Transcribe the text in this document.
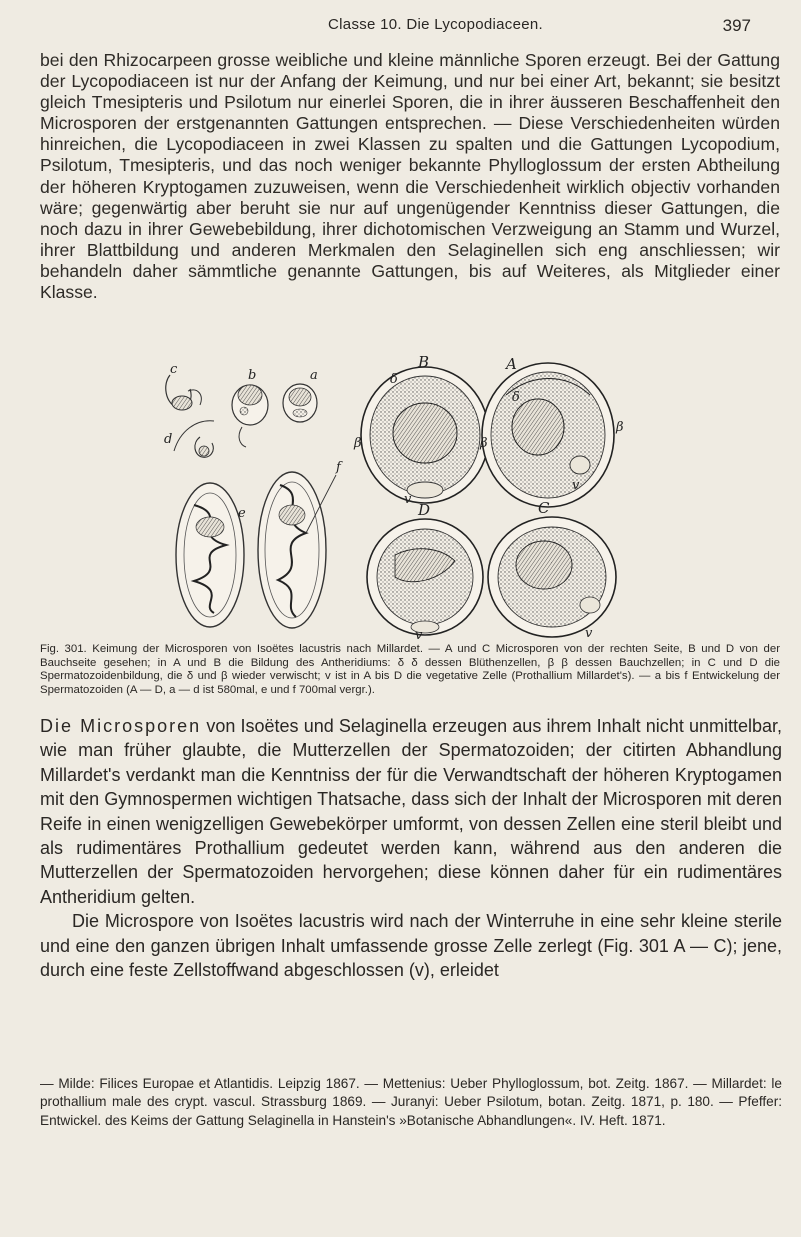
Classe 10. Die Lycopodiaceen.	397
bei den Rhizocarpeen grosse weibliche und kleine männliche Sporen erzeugt. Bei der Gattung der Lycopodiaceen ist nur der Anfang der Keimung, und nur bei einer Art, bekannt; sie besitzt gleich Tmesipteris und Psilotum nur einerlei Sporen, die in ihrer äusseren Beschaffenheit den Microsporen der erstgenannten Gattungen entsprechen. — Diese Verschiedenheiten würden hinreichen, die Lycopodiaceen in zwei Klassen zu spalten und die Gattungen Lycopodium, Psilotum, Tmesipteris, und das noch weniger bekannte Phylloglossum der ersten Abtheilung der höheren Kryptogamen zuzuweisen, wenn die Verschiedenheit wirklich objectiv vorhanden wäre; gegenwärtig aber beruht sie nur auf ungenügender Kenntniss dieser Gattungen, die noch dazu in ihrer Gewebebildung, ihrer dichotomischen Verzweigung an Stamm und Wurzel, ihrer Blattbildung und anderen Merkmalen den Selaginellen sich eng anschliessen; wir behandeln daher sämmtliche genannte Gattungen, bis auf Weiteres, als Mitglieder einer Klasse.
c
d
b	a
e
f
B	A
D	C
β	β
β
δ
δ
v
v
v	v
Fig. 301. Keimung der Microsporen von Isoëtes lacustris nach Millardet. — A und C Microsporen von der rechten Seite, B und D von der Bauchseite gesehen; in A und B die Bildung des Antheridiums: δ δ dessen Blüthenzellen, β β dessen Bauchzellen; in C und D die Spermatozoidenbildung, die δ und β wieder verwischt; v ist in A bis D die vegetative Zelle (Prothallium Millardet's). — a bis f Entwickelung der Spermatozoiden (A — D, a — d ist 580mal, e und f 700mal vergr.).

Die Microsporen von Isoëtes und Selaginella erzeugen aus ihrem Inhalt nicht unmittelbar, wie man früher glaubte, die Mutterzellen der Spermatozoiden; der citirten Abhandlung Millardet's verdankt man die Kenntniss der für die Verwandtschaft der höheren Kryptogamen mit den Gymnospermen wichtigen Thatsache, dass sich der Inhalt der Microsporen mit deren Reife in einen wenigzelligen Gewebekörper umformt, von dessen Zellen eine steril bleibt und als rudimentäres Prothallium gedeutet werden kann, während aus den anderen die Mutterzellen der Spermatozoiden hervorgehen; diese können daher für ein rudimentäres Antheridium gelten.

Die Microspore von Isoëtes lacustris wird nach der Winterruhe in eine sehr kleine sterile und eine den ganzen übrigen Inhalt umfassende grosse Zelle zerlegt (Fig. 301 A — C); jene, durch eine feste Zellstoffwand abgeschlossen (v), erleidet

— Milde: Filices Europae et Atlantidis. Leipzig 1867. — Mettenius: Ueber Phylloglossum, bot. Zeitg. 1867. — Millardet: le prothallium male des crypt. vascul. Strassburg 1869. — Juranyi: Ueber Psilotum, botan. Zeitg. 1871, p. 180. — Pfeffer: Entwickel. des Keims der Gattung Selaginella in Hanstein's »Botanische Abhandlungen«. IV. Heft. 1871.
